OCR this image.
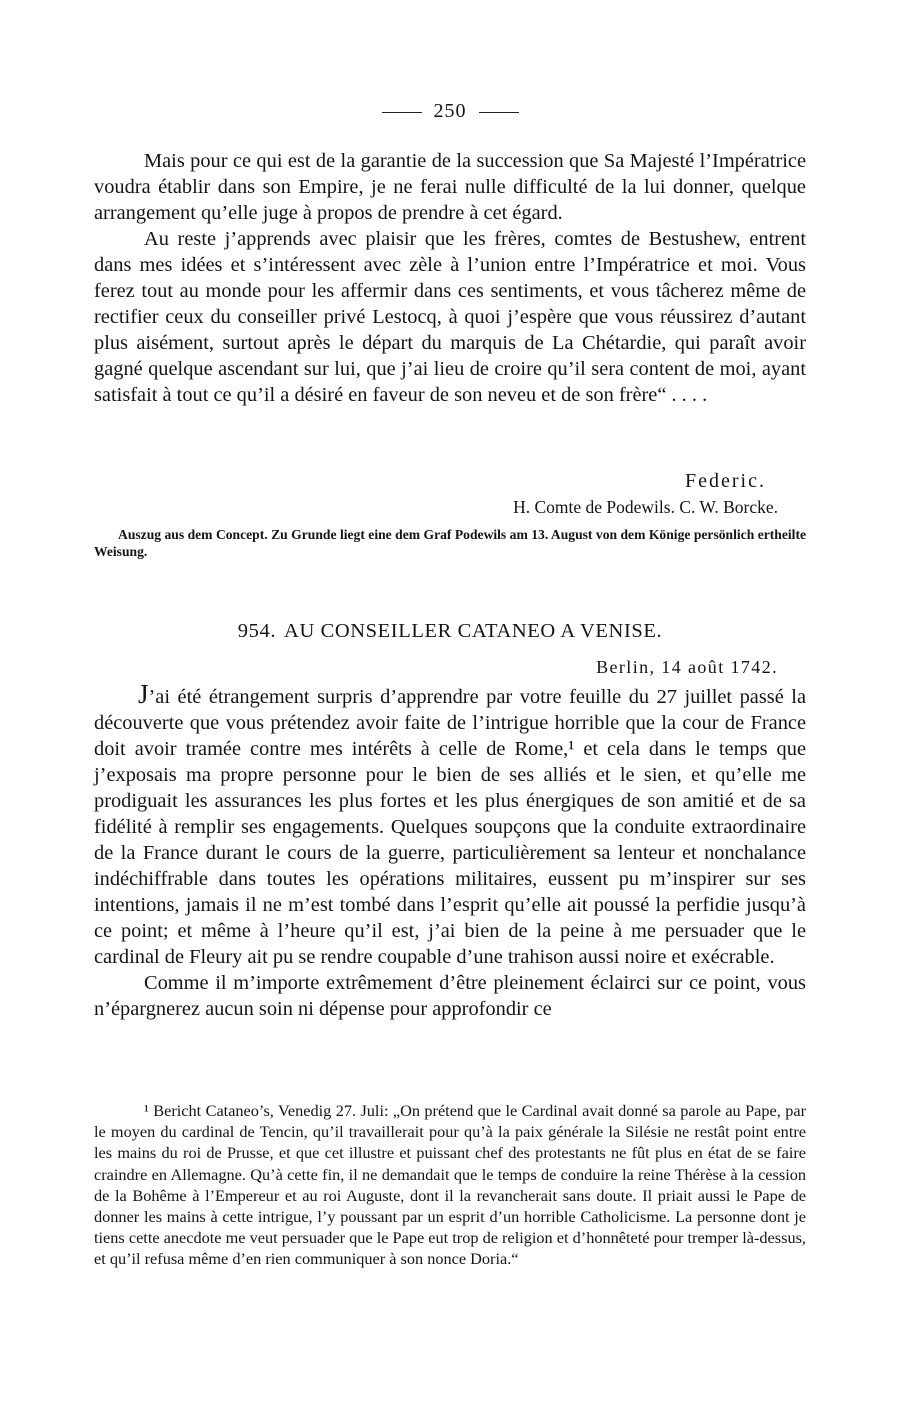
250

Mais pour ce qui est de la garantie de la succession que Sa Majesté l’Impératrice voudra établir dans son Empire, je ne ferai nulle difficulté de la lui donner, quelque arrangement qu’elle juge à propos de prendre à cet égard.

Au reste j’apprends avec plaisir que les frères, comtes de Bestushew, entrent dans mes idées et s’intéressent avec zèle à l’union entre l’Impératrice et moi. Vous ferez tout au monde pour les affermir dans ces sentiments, et vous tâcherez même de rectifier ceux du conseiller privé Lestocq, à quoi j’espère que vous réussirez d’autant plus aisément, surtout après le départ du marquis de La Chétardie, qui paraît avoir gagné quelque ascendant sur lui, que j’ai lieu de croire qu’il sera content de moi, ayant satisfait à tout ce qu’il a désiré en faveur de son neveu et de son frère“ . . . .

Federic.
H. Comte de Podewils. C. W. Borcke.

Auszug aus dem Concept. Zu Grunde liegt eine dem Graf Podewils am 13. August von dem Könige persönlich ertheilte Weisung.

954. AU CONSEILLER CATANEO A VENISE.
Berlin, 14 août 1742.

J’ai été étrangement surpris d’apprendre par votre feuille du 27 juillet passé la découverte que vous prétendez avoir faite de l’intrigue horrible que la cour de France doit avoir tramée contre mes intérêts à celle de Rome,¹ et cela dans le temps que j’exposais ma propre personne pour le bien de ses alliés et le sien, et qu’elle me prodiguait les assurances les plus fortes et les plus énergiques de son amitié et de sa fidélité à remplir ses engagements. Quelques soupçons que la conduite extraordinaire de la France durant le cours de la guerre, particulièrement sa lenteur et nonchalance indéchiffrable dans toutes les opérations militaires, eussent pu m’inspirer sur ses intentions, jamais il ne m’est tombé dans l’esprit qu’elle ait poussé la perfidie jusqu’à ce point; et même à l’heure qu’il est, j’ai bien de la peine à me persuader que le cardinal de Fleury ait pu se rendre coupable d’une trahison aussi noire et exécrable.

Comme il m’importe extrêmement d’être pleinement éclairci sur ce point, vous n’épargnerez aucun soin ni dépense pour approfondir ce

¹ Bericht Cataneo’s, Venedig 27. Juli: „On prétend que le Cardinal avait donné sa parole au Pape, par le moyen du cardinal de Tencin, qu’il travaillerait pour qu’à la paix générale la Silésie ne restât point entre les mains du roi de Prusse, et que cet illustre et puissant chef des protestants ne fût plus en état de se faire craindre en Allemagne. Qu’à cette fin, il ne demandait que le temps de conduire la reine Thérèse à la cession de la Bohême à l’Empereur et au roi Auguste, dont il la revancherait sans doute. Il priait aussi le Pape de donner les mains à cette intrigue, l’y poussant par un esprit d’un horrible Catholicisme. La personne dont je tiens cette anecdote me veut persuader que le Pape eut trop de religion et d’honnêteté pour tremper là-dessus, et qu’il refusa même d’en rien communiquer à son nonce Doria.“
